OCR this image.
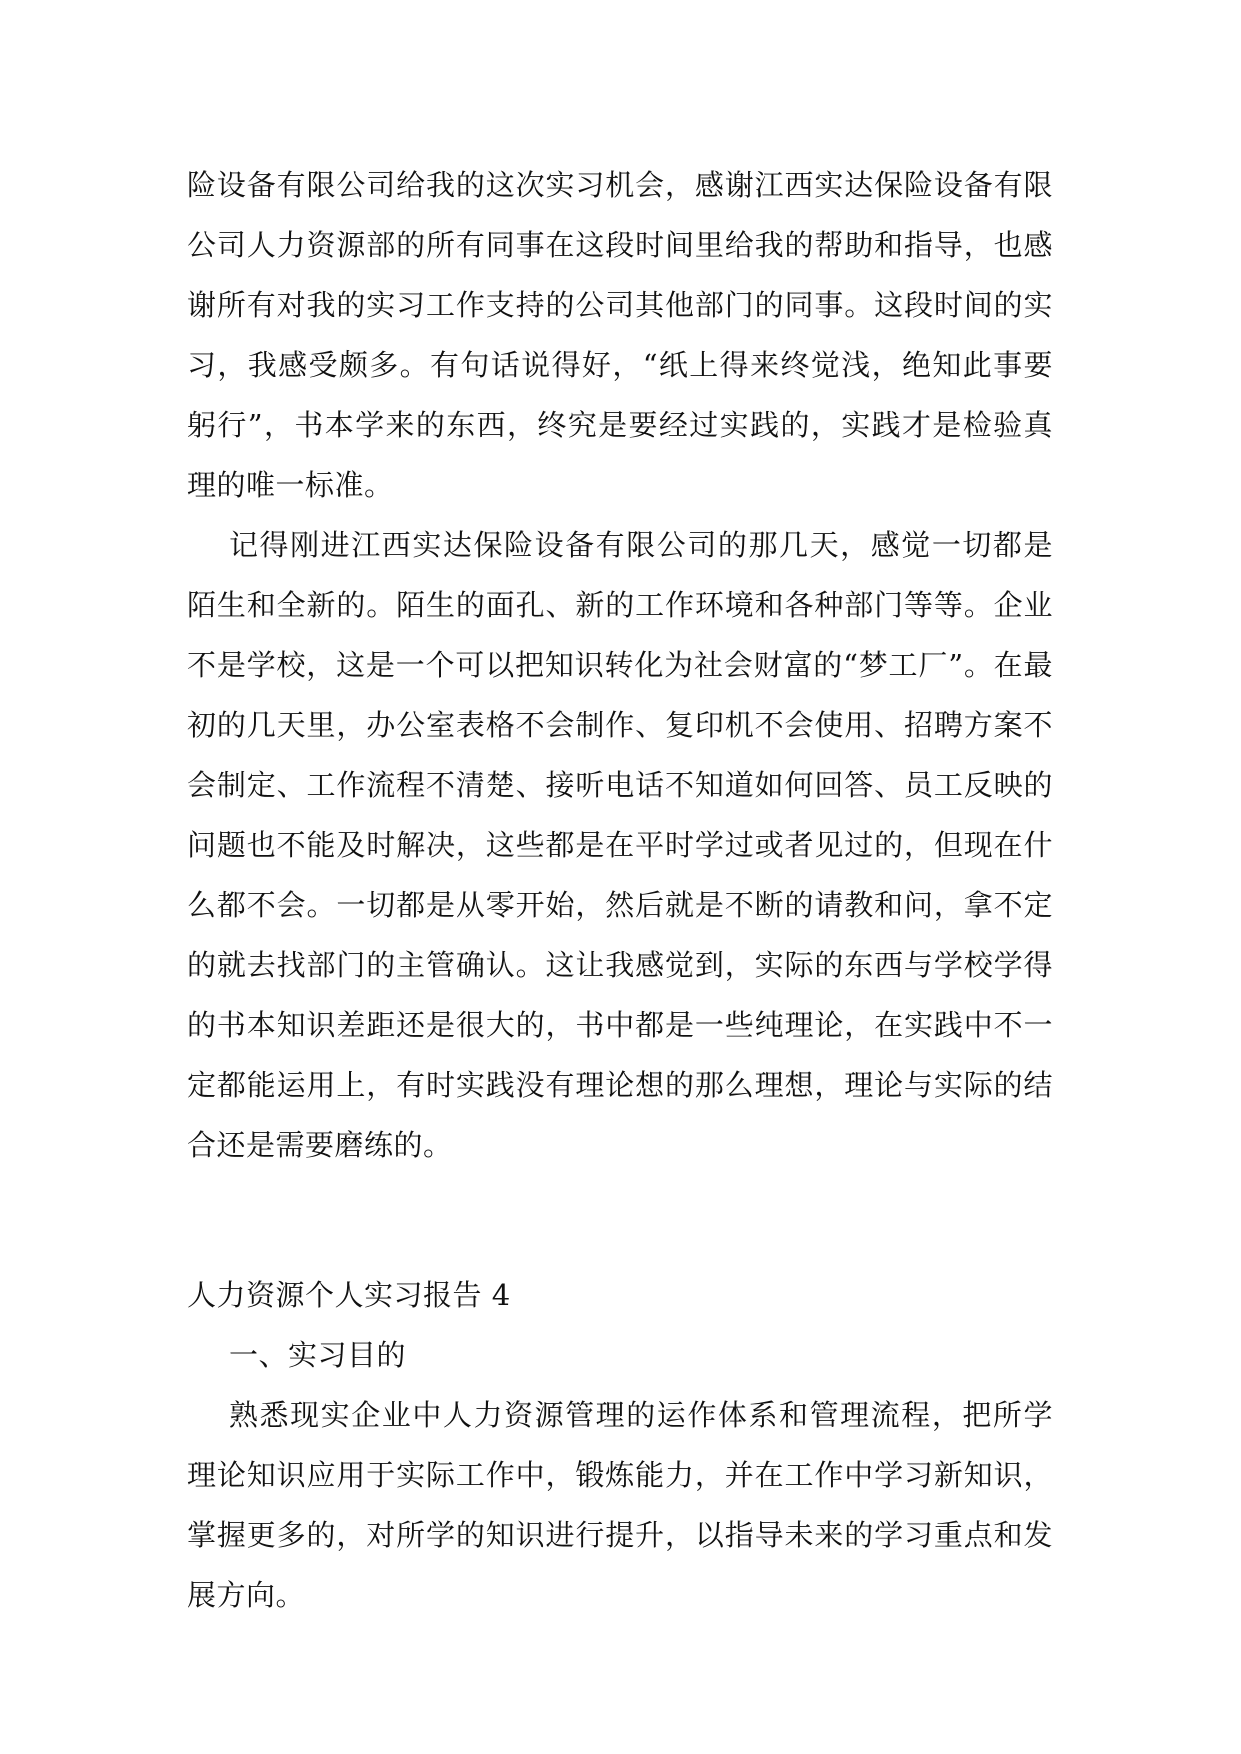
险设备有限公司给我的这次实习机会，感谢江西实达保险设备有限公司人力资源部的所有同事在这段时间里给我的帮助和指导，也感谢所有对我的实习工作支持的公司其他部门的同事。这段时间的实习，我感受颇多。有句话说得好，“纸上得来终觉浅，绝知此事要躬行”，书本学来的东西，终究是要经过实践的，实践才是检验真理的唯一标准。

记得刚进江西实达保险设备有限公司的那几天，感觉一切都是陌生和全新的。陌生的面孔、新的工作环境和各种部门等等。企业不是学校，这是一个可以把知识转化为社会财富的“梦工厂”。在最初的几天里，办公室表格不会制作、复印机不会使用、招聘方案不会制定、工作流程不清楚、接听电话不知道如何回答、员工反映的问题也不能及时解决，这些都是在平时学过或者见过的，但现在什么都不会。一切都是从零开始，然后就是不断的请教和问，拿不定的就去找部门的主管确认。这让我感觉到，实际的东西与学校学得的书本知识差距还是很大的，书中都是一些纯理论，在实践中不一定都能运用上，有时实践没有理论想的那么理想，理论与实际的结合还是需要磨练的。

人力资源个人实习报告 4

一、实习目的

熟悉现实企业中人力资源管理的运作体系和管理流程，把所学理论知识应用于实际工作中，锻炼能力，并在工作中学习新知识，掌握更多的，对所学的知识进行提升，以指导未来的学习重点和发展方向。
